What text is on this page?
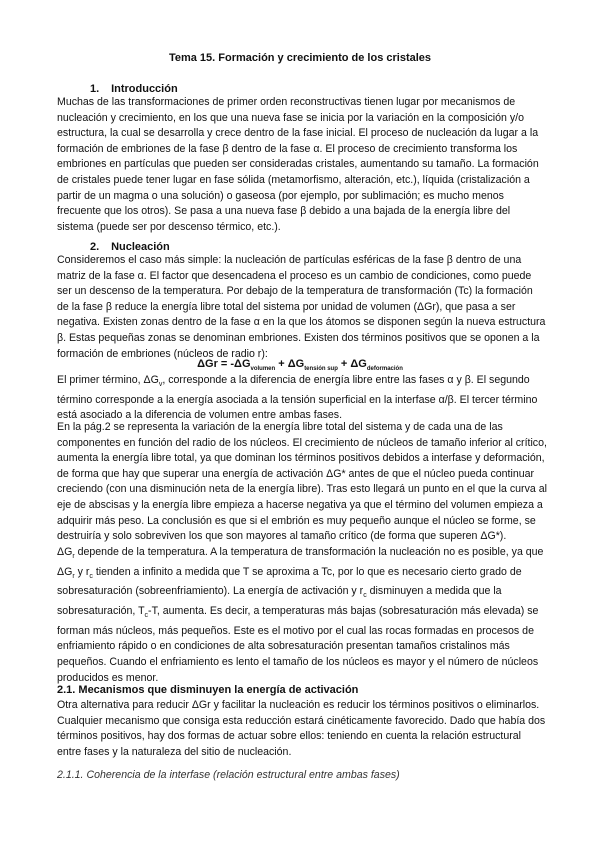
Tema 15. Formación y crecimiento de los cristales
1. Introducción

Muchas de las transformaciones de primer orden reconstructivas tienen lugar por mecanismos de nucleación y crecimiento, en los que una nueva fase se inicia por la variación en la composición y/o estructura, la cual se desarrolla y crece dentro de la fase inicial. El proceso de nucleación da lugar a la formación de embriones de la fase β dentro de la fase α. El proceso de crecimiento transforma los embriones en partículas que pueden ser consideradas cristales, aumentando su tamaño. La formación de cristales puede tener lugar en fase sólida (metamorfismo, alteración, etc.), líquida (cristalización a partir de un magma o una solución) o gaseosa (por ejemplo, por sublimación; es mucho menos frecuente que los otros). Se pasa a una nueva fase β debido a una bajada de la energía libre del sistema (puede ser por descenso térmico, etc.).

2. Nucleación

Consideremos el caso más simple: la nucleación de partículas esféricas de la fase β dentro de una matriz de la fase α. El factor que desencadena el proceso es un cambio de condiciones, como puede ser un descenso de la temperatura. Por debajo de la temperatura de transformación (Tc) la formación de la fase β reduce la energía libre total del sistema por unidad de volumen (ΔGr), que pasa a ser negativa. Existen zonas dentro de la fase α en la que los átomos se disponen según la nueva estructura β. Estas pequeñas zonas se denominan embriones. Existen dos términos positivos que se oponen a la formación de embriones (núcleos de radio r):

$\Delta Gr = -\Delta G_{volumen} + \Delta G_{tensión sup} + \Delta G_{deformación}$

El primer término, $\Delta G_v$, corresponde a la diferencia de energía libre entre las fases α y β. El segundo término corresponde a la energía asociada a la tensión superficial en la interfase α/β. El tercer término está asociado a la diferencia de volumen entre ambas fases.

En la pág.2 se representa la variación de la energía libre total del sistema y de cada una de las componentes en función del radio de los núcleos. El crecimiento de núcleos de tamaño inferior al crítico, aumenta la energía libre total, ya que dominan los términos positivos debidos a interfase y deformación, de forma que hay que superar una energía de activación ΔG* antes de que el núcleo pueda continuar creciendo (con una disminución neta de la energía libre). Tras esto llegará un punto en el que la curva al eje de abscisas y la energía libre empieza a hacerse negativa ya que el término del volumen empieza a adquirir más peso. La conclusión es que si el embrión es muy pequeño aunque el núcleo se forme, se destruiría y solo sobreviven los que son mayores al tamaño crítico (de forma que superen ΔG*).

$\Delta G_r$ depende de la temperatura. A la temperatura de transformación la nucleación no es posible, ya que $\Delta G_r$ y $r_c$ tienden a infinito a medida que T se aproxima a Tc, por lo que es necesario cierto grado de sobresaturación (sobreenfriamiento). La energía de activación y $r_c$ disminuyen a medida que la sobresaturación, $T_c-T$, aumenta. Es decir, a temperaturas más bajas (sobresaturación más elevada) se forman más núcleos, más pequeños. Este es el motivo por el cual las rocas formadas en procesos de enfriamiento rápido o en condiciones de alta sobresaturación presentan tamaños cristalinos más pequeños. Cuando el enfriamiento es lento el tamaño de los núcleos es mayor y el número de núcleos producidos es menor.

2.1. Mecanismos que disminuyen la energía de activación

Otra alternativa para reducir ΔGr y facilitar la nucleación es reducir los términos positivos o eliminarlos. Cualquier mecanismo que consiga esta reducción estará cinéticamente favorecido. Dado que había dos términos positivos, hay dos formas de actuar sobre ellos: teniendo en cuenta la relación estructural entre fases y la naturaleza del sitio de nucleación.

2.1.1. Coherencia de la interfase (relación estructural entre ambas fases)
